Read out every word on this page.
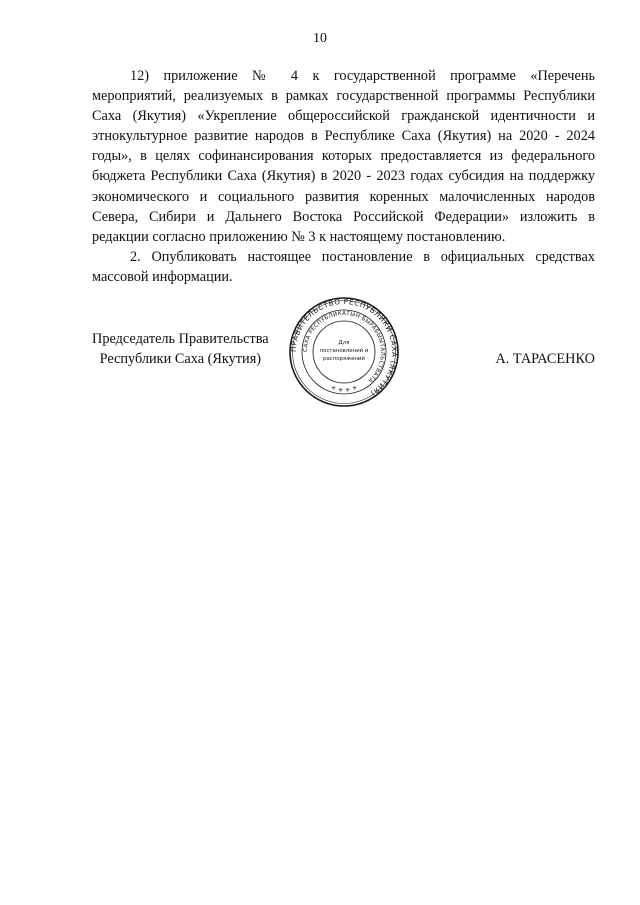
10

12) приложение № 4 к государственной программе «Перечень мероприятий, реализуемых в рамках государственной программы Республики Саха (Якутия) «Укрепление общероссийской гражданской идентичности и этнокультурное развитие народов в Республике Саха (Якутия) на 2020 - 2024 годы», в целях софинансирования которых предоставляется из федерального бюджета Республики Саха (Якутия) в 2020 - 2023 годах субсидия на поддержку экономического и социального развития коренных малочисленных народов Севера, Сибири и Дальнего Востока Российской Федерации» изложить в редакции согласно приложению № 3 к настоящему постановлению.

2. Опубликовать настоящее постановление в официальных средствах массовой информации.

Председатель Правительства
Республики Саха (Якутия)	А. ТАРАСЕНКО
ПРАВИТЕЛЬСТВО РЕСПУБЛИКИ САХА (ЯКУТИЯ)
САХА РЕСПУБЛИКАТЫН БЫРАБЫЫТАЛЬСТВАТА
Для
постановлений и
распоряжений
✳ ✳
✳	✳
